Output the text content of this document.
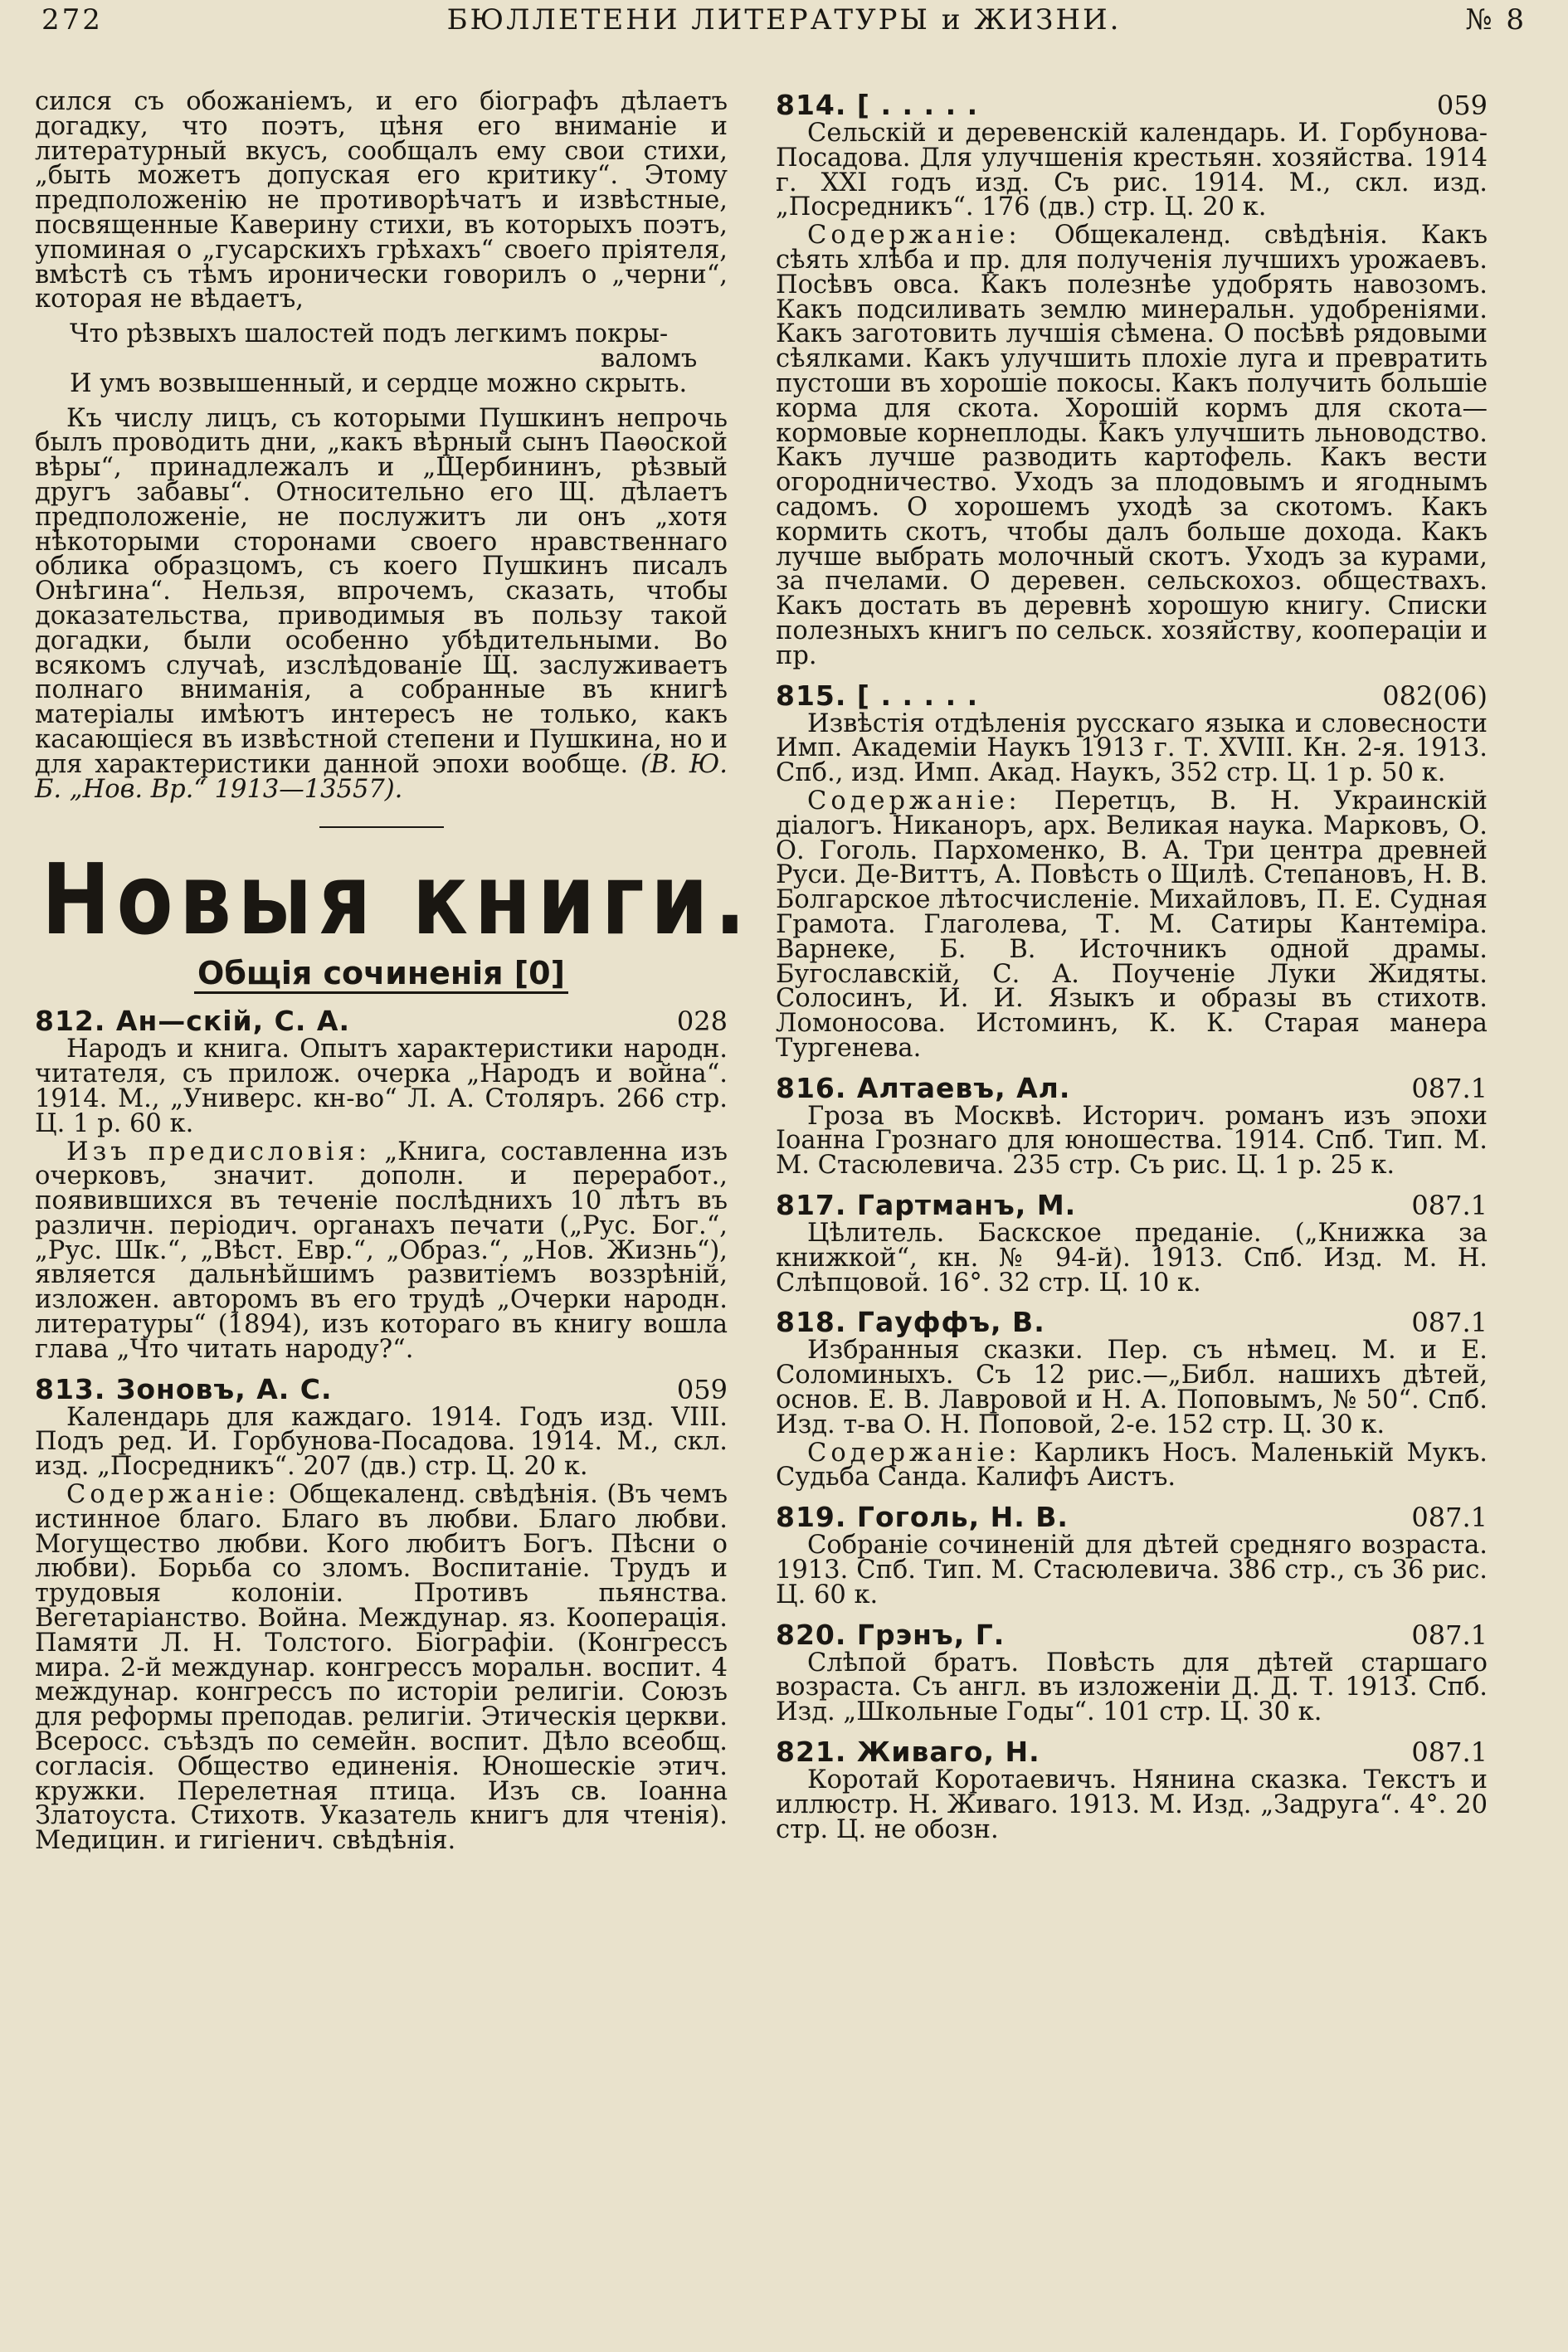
272	БЮЛЛЕТЕНИ ЛИТЕРАТУРЫ и ЖИЗНИ.	№ 8

сился съ обожаніемъ, и его біографъ дѣлаетъ догадку, что поэтъ, цѣня его вниманіе и литературный вкусъ, сообщалъ ему свои стихи, „быть можетъ допуская его критику“. Этому предположенію не противорѣчатъ и извѣстные, посвященные Каверину стихи, въ которыхъ поэтъ, упоминая о „гусарскихъ грѣхахъ“ своего пріятеля, вмѣстѣ съ тѣмъ иронически говорилъ о „черни“, которая не вѣдаетъ,

Что рѣзвыхъ шалостей подъ легкимъ покры-
валомъ
И умъ возвышенный, и сердце можно скрыть.

Къ числу лицъ, съ которыми Пушкинъ непрочь былъ проводить дни, „какъ вѣрный сынъ Паѳоской вѣры“, принадлежалъ и „Щербининъ, рѣзвый другъ забавы“. Относительно его Щ. дѣлаетъ предположеніе, не послужитъ ли онъ „хотя нѣкоторыми сторонами своего нравственнаго облика образцомъ, съ коего Пушкинъ писалъ Онѣгина“. Нельзя, впрочемъ, сказать, чтобы доказательства, приводимыя въ пользу такой догадки, были особенно убѣдительными. Во всякомъ случаѣ, изслѣдованіе Щ. заслуживаетъ полнаго вниманія, а собранные въ книгѣ матеріалы имѣютъ интересъ не только, какъ касающіеся въ извѣстной степени и Пушкина, но и для характеристики данной эпохи вообще. (В. Ю. Б. „Нов. Вр.“ 1913—13557).

Новыя книги.
Общія сочиненія [0]
812. Ан—скій, С. А.	028

Народъ и книга. Опытъ характеристики народн. читателя, съ прилож. очерка „Народъ и война“. 1914. М., „Универс. кн-во“ Л. А. Столяръ. 266 стр. Ц. 1 р. 60 к.

Изъ предисловія: „Книга, составленна изъ очерковъ, значит. дополн. и переработ., появившихся въ теченіе послѣднихъ 10 лѣтъ въ различн. періодич. органахъ печати („Рус. Бог.“, „Рус. Шк.“, „Вѣст. Евр.“, „Образ.“, „Нов. Жизнь“), является дальнѣйшимъ развитіемъ воззрѣній, изложен. авторомъ въ его трудѣ „Очерки народн. литературы“ (1894), изъ котораго въ книгу вошла глава „Что читать народу?“.

813. Зоновъ, А. С.	059

Календарь для каждаго. 1914. Годъ изд. VIII. Подъ ред. И. Горбунова-Посадова. 1914. М., скл. изд. „Посредникъ“. 207 (дв.) стр. Ц. 20 к.

Содержаніе: Общекаленд. свѣдѣнія. (Въ чемъ истинное благо. Благо въ любви. Благо любви. Могущество любви. Кого любитъ Богъ. Пѣсни о любви). Борьба со зломъ. Воспитаніе. Трудъ и трудовыя колоніи. Противъ пьянства. Вегетаріанство. Война. Междунар. яз. Кооперація. Памяти Л. Н. Толстого. Біографіи. (Конгрессъ мира. 2-й междунар. конгрессъ моральн. воспит. 4 междунар. конгрессъ по исторіи религіи. Союзъ для реформы преподав. религіи. Этическія церкви. Всеросс. съѣздъ по семейн. воспит. Дѣло всеобщ. согласія. Общество единенія. Юношескіе этич. кружки. Перелетная птица. Изъ св. Іоанна Златоуста. Стихотв. Указатель книгъ для чтенія). Медицин. и гигіенич. свѣдѣнія.

814. [ . . . . .	059

Сельскій и деревенскій календарь. И. Горбунова-Посадова. Для улучшенія крестьян. хозяйства. 1914 г. XXI годъ изд. Съ рис. 1914. М., скл. изд. „Посредникъ“. 176 (дв.) стр. Ц. 20 к.

Содержаніе: Общекаленд. свѣдѣнія. Какъ сѣять хлѣба и пр. для полученія лучшихъ урожаевъ. Посѣвъ овса. Какъ полезнѣе удобрять навозомъ. Какъ подсиливать землю минеральн. удобреніями. Какъ заготовить лучшія сѣмена. О посѣвѣ рядовыми сѣялками. Какъ улучшить плохіе луга и превратить пустоши въ хорошіе покосы. Какъ получить большіе корма для скота. Хорошій кормъ для скота—кормовые корнеплоды. Какъ улучшить льноводство. Какъ лучше разводить картофель. Какъ вести огородничество. Уходъ за плодовымъ и ягоднымъ садомъ. О хорошемъ уходѣ за скотомъ. Какъ кормить скотъ, чтобы далъ больше дохода. Какъ лучше выбрать молочный скотъ. Уходъ за курами, за пчелами. О деревен. сельскохоз. обществахъ. Какъ достать въ деревнѣ хорошую книгу. Списки полезныхъ книгъ по сельск. хозяйству, коопераціи и пр.

815. [ . . . . .	082(06)

Извѣстія отдѣленія русскаго языка и словесности Имп. Академіи Наукъ 1913 г. Т. XVIII. Кн. 2-я. 1913. Спб., изд. Имп. Акад. Наукъ, 352 стр. Ц. 1 р. 50 к.

Содержаніе: Перетцъ, В. Н. Украинскій діалогъ. Никаноръ, арх. Великая наука. Марковъ, О. О. Гоголь. Пархоменко, В. А. Три центра древней Руси. Де-Виттъ, А. Повѣсть о Щилѣ. Степановъ, Н. В. Болгарское лѣтосчисленіе. Михайловъ, П. Е. Судная Грамота. Глаголева, Т. М. Сатиры Кантеміра. Варнеке, Б. В. Источникъ одной драмы. Бугославскій, С. А. Поученіе Луки Жидяты. Солосинъ, И. И. Языкъ и образы въ стихотв. Ломоносова. Истоминъ, К. К. Старая манера Тургенева.

816. Алтаевъ, Ал.	087.1

Гроза въ Москвѣ. Историч. романъ изъ эпохи Іоанна Грознаго для юношества. 1914. Спб. Тип. М. М. Стасюлевича. 235 стр. Съ рис. Ц. 1 р. 25 к.

817. Гартманъ, М.	087.1

Цѣлитель. Баскское преданіе. („Книжка за книжкой“, кн. № 94-й). 1913. Спб. Изд. М. Н. Слѣпцовой. 16°. 32 стр. Ц. 10 к.

818. Гауффъ, В.	087.1

Избранныя сказки. Пер. съ нѣмец. М. и Е. Соломиныхъ. Съ 12 рис.—„Библ. нашихъ дѣтей, основ. Е. В. Лавровой и Н. А. Поповымъ, № 50“. Спб. Изд. т-ва О. Н. Поповой, 2-е. 152 стр. Ц. 30 к.

Содержаніе: Карликъ Носъ. Маленькій Мукъ. Судьба Санда. Калифъ Аистъ.

819. Гоголь, Н. В.	087.1

Собраніе сочиненій для дѣтей средняго возраста. 1913. Спб. Тип. М. Стасюлевича. 386 стр., съ 36 рис. Ц. 60 к.

820. Грэнъ, Г.	087.1

Слѣпой братъ. Повѣсть для дѣтей старшаго возраста. Съ англ. въ изложеніи Д. Д. Т. 1913. Спб. Изд. „Школьные Годы“. 101 стр. Ц. 30 к.

821. Живаго, Н.	087.1

Коротай Коротаевичъ. Нянина сказка. Текстъ и иллюстр. Н. Живаго. 1913. М. Изд. „Задруга“. 4°. 20 стр. Ц. не обозн.
